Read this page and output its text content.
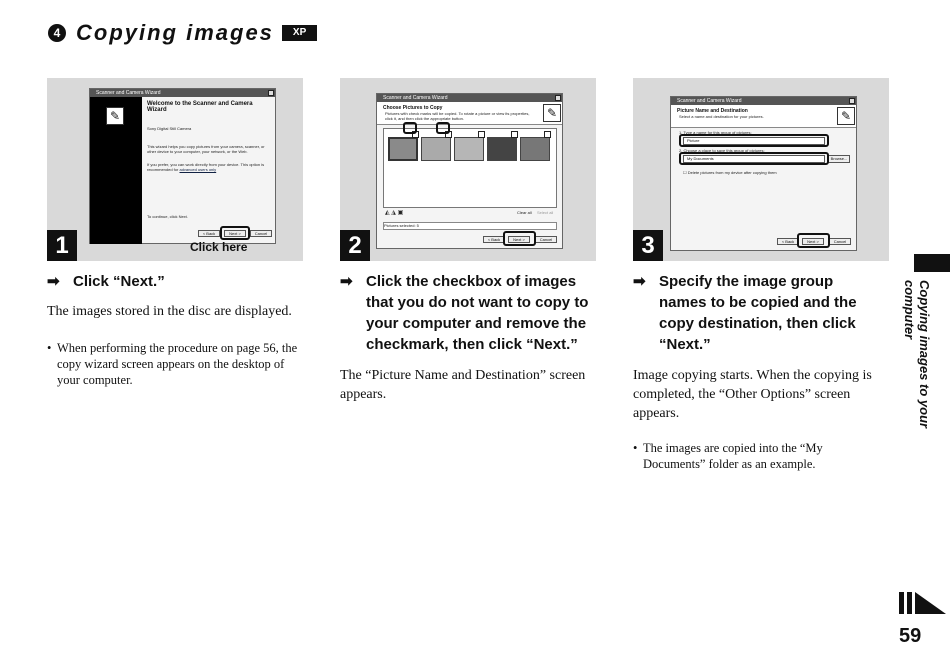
4 Copying images	XP
Scanner and Camera Wizard
✎
Welcome to the Scanner and Camera Wizard
Sony Digital Still Camera
This wizard helps you copy pictures from your camera, scanner, or other device to your computer, your network, or the Web.
If you prefer, you can work directly from your device. This option is recommended for advanced users only
To continue, click Next.
< Back	Next >	Cancel
Click here
1
Scanner and Camera Wizard
Choose Pictures to Copy
Pictures with check marks will be copied. To rotate a picture or view its properties, click it, and then click the appropriate button.	✎
◭ ◮ ▣	Clear all Select all
Pictures selected: 5
< Back	Next >	Cancel
2
Scanner and Camera Wizard
Picture Name and Destination
Select a name and destination for your pictures.	✎
1. Type a name for this group of pictures:
Picture
2. Choose a place to save this group of pictures:
My Documents	Browse...
☐ Delete pictures from my device after copying them
< Back	Next >	Cancel
3
➡ Click “Next.”
The images stored in the disc are displayed.
• When performing the procedure on page 56, the copy wizard screen appears on the desktop of your computer.
➡ Click the checkbox of images that you do not want to copy to your computer and remove the checkmark, then click “Next.”
The “Picture Name and Destination” screen appears.
➡ Specify the image group names to be copied and the copy destination, then click “Next.”
Image copying starts. When the copying is completed, the “Other Options” screen appears.
• The images are copied into the “My Documents” folder as an example.
Copying images to your computer
59
